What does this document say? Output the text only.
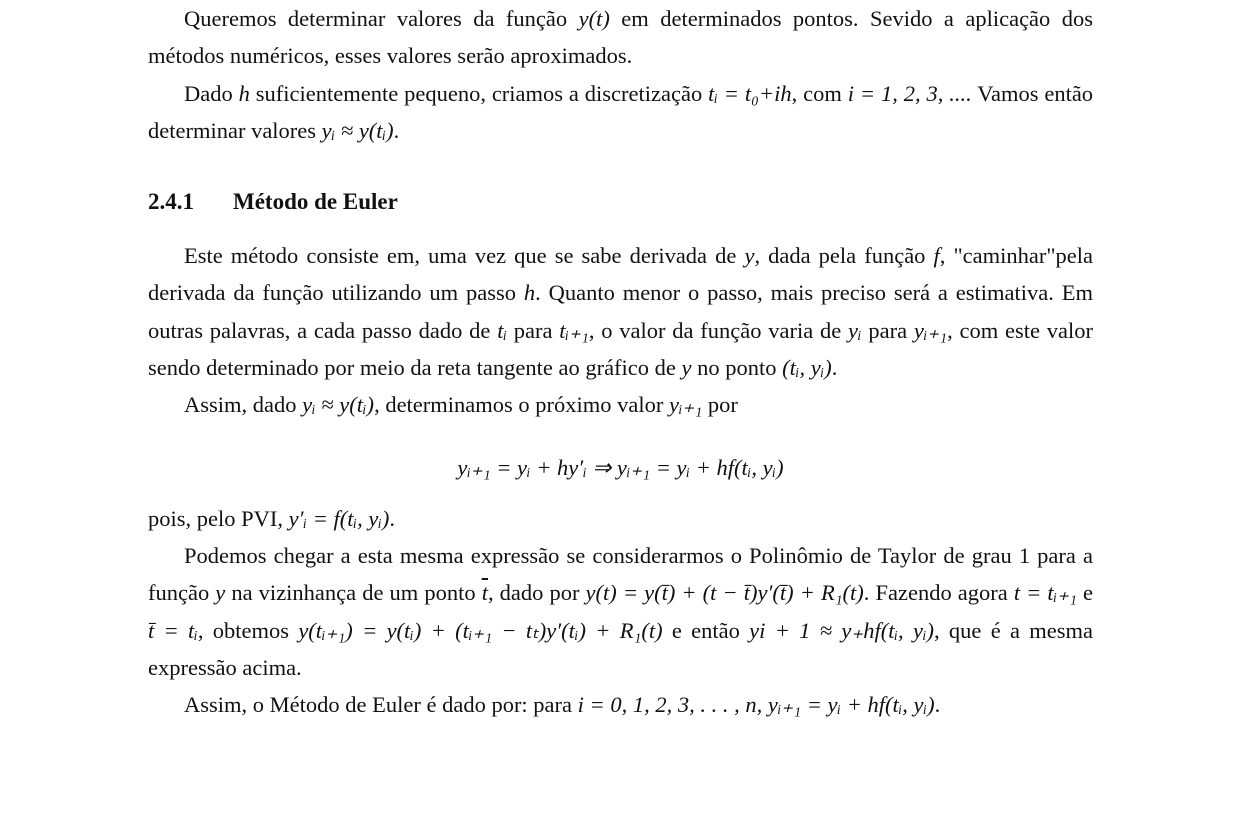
Queremos determinar valores da função y(t) em determinados pontos. Sevido a aplicação dos métodos numéricos, esses valores serão aproximados.

Dado h suficientemente pequeno, criamos a discretização tᵢ = t₀+ih, com i = 1, 2, 3, .... Vamos então determinar valores yᵢ ≈ y(tᵢ).

2.4.1 Método de Euler

Este método consiste em, uma vez que se sabe derivada de y, dada pela função f, "caminhar"pela derivada da função utilizando um passo h. Quanto menor o passo, mais preciso será a estimativa. Em outras palavras, a cada passo dado de tᵢ para tᵢ₊₁, o valor da função varia de yᵢ para yᵢ₊₁, com este valor sendo determinado por meio da reta tangente ao gráfico de y no ponto (tᵢ, yᵢ).

Assim, dado yᵢ ≈ y(tᵢ), determinamos o próximo valor yᵢ₊₁ por

yᵢ₊₁ = yᵢ + hy′ᵢ ⇒ yᵢ₊₁ = yᵢ + hf(tᵢ, yᵢ)

pois, pelo PVI, y′ᵢ = f(tᵢ, yᵢ).

Podemos chegar a esta mesma expressão se considerarmos o Polinômio de Taylor de grau 1 para a função y na vizinhança de um ponto $\overline{t}$, dado por y(t) = y(t̄) + (t − t̄)y′(t̄) + R₁(t). Fazendo agora t = tᵢ₊₁ e t̄ = tᵢ, obtemos y(tᵢ₊₁) = y(tᵢ) + (tᵢ₊₁ − tₜ)y′(tᵢ) + R₁(t) e então yi + 1 ≈ y₊hf(tᵢ, yᵢ), que é a mesma expressão acima.

Assim, o Método de Euler é dado por: para i = 0, 1, 2, 3, . . . , n, yᵢ₊₁ = yᵢ + hf(tᵢ, yᵢ).
